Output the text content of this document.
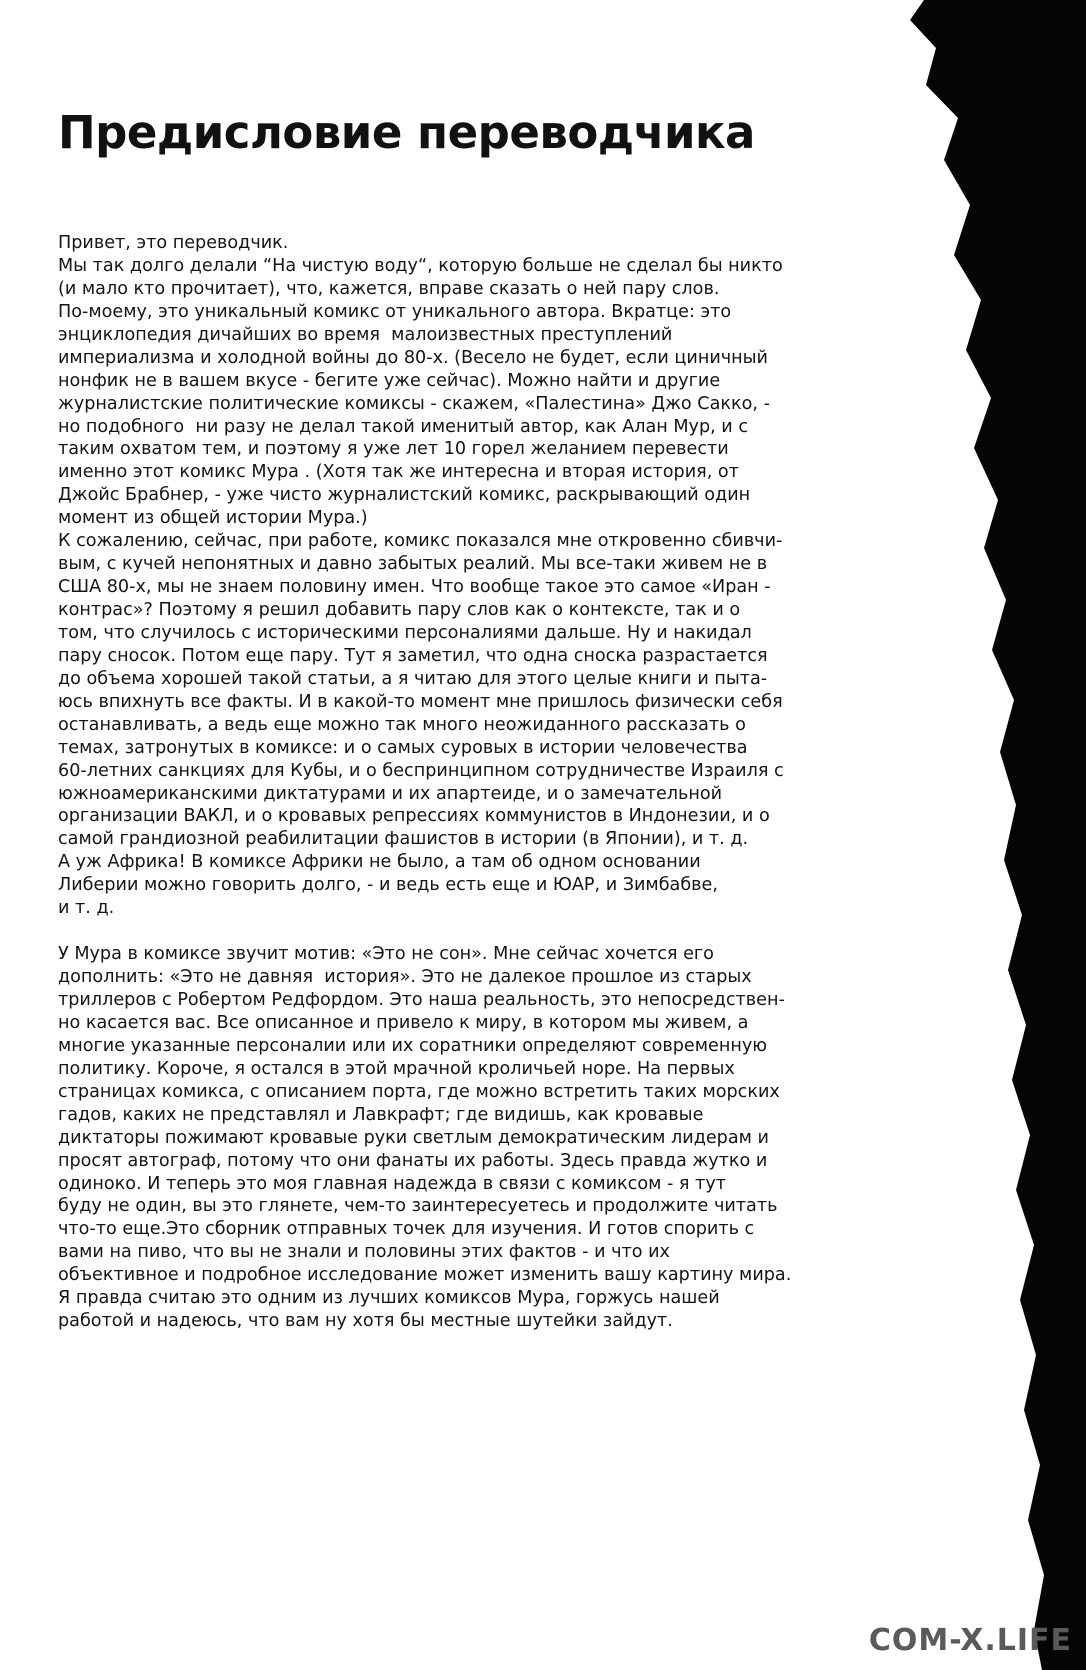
Предисловие переводчика
Привет, это переводчик.
Мы так долго делали “На чистую воду“, которую больше не сделал бы никто
(и мало кто прочитает), что, кажется, вправе сказать о ней пару слов.
По-моему, это уникальный комикс от уникального автора. Вкратце: это
энциклопедия дичайших во время  малоизвестных преступлений
империализма и холодной войны до 80-х. (Весело не будет, если циничный
нонфик не в вашем вкусе - бегите уже сейчас). Можно найти и другие
журналистские политические комиксы - скажем, «Палестина» Джо Сакко, -
но подобного  ни разу не делал такой именитый автор, как Алан Мур, и с
таким охватом тем, и поэтому я уже лет 10 горел желанием перевести
именно этот комикс Мура . (Хотя так же интересна и вторая история, от
Джойс Брабнер, - уже чисто журналистский комикс, раскрывающий один
момент из общей истории Мура.)
К сожалению, сейчас, при работе, комикс показался мне откровенно сбивчи-
вым, с кучей непонятных и давно забытых реалий. Мы все-таки живем не в
США 80-х, мы не знаем половину имен. Что вообще такое это самое «Иран -
контрас»? Поэтому я решил добавить пару слов как о контексте, так и о
том, что случилось с историческими персоналиями дальше. Ну и накидал
пару сносок. Потом еще пару. Тут я заметил, что одна сноска разрастается
до объема хорошей такой статьи, а я читаю для этого целые книги и пыта-
юсь впихнуть все факты. И в какой-то момент мне пришлось физически себя
останавливать, а ведь еще можно так много неожиданного рассказать о
темах, затронутых в комиксе: и о самых суровых в истории человечества
60-летних санкциях для Кубы, и о беспринципном сотрудничестве Израиля с
южноамериканскими диктатурами и их апартеиде, и о замечательной
организации ВАКЛ, и о кровавых репрессиях коммунистов в Индонезии, и о
самой грандиозной реабилитации фашистов в истории (в Японии), и т. д.
А уж Африка! В комиксе Африки не было, а там об одном основании
Либерии можно говорить долго, - и ведь есть еще и ЮАР, и Зимбабве,
и т. д.
У Мура в комиксе звучит мотив: «Это не сон». Мне сейчас хочется его
дополнить: «Это не давняя  история». Это не далекое прошлое из старых
триллеров с Робертом Редфордом. Это наша реальность, это непосредствен-
но касается вас. Все описанное и привело к миру, в котором мы живем, а
многие указанные персоналии или их соратники определяют современную
политику. Короче, я остался в этой мрачной кроличьей норе. На первых
страницах комикса, с описанием порта, где можно встретить таких морских
гадов, каких не представлял и Лавкрафт; где видишь, как кровавые
диктаторы пожимают кровавые руки светлым демократическим лидерам и
просят автограф, потому что они фанаты их работы. Здесь правда жутко и
одиноко. И теперь это моя главная надежда в связи с комиксом - я тут
буду не один, вы это глянете, чем-то заинтересуетесь и продолжите читать
что-то еще.Это сборник отправных точек для изучения. И готов спорить с
вами на пиво, что вы не знали и половины этих фактов - и что их
объективное и подробное исследование может изменить вашу картину мира.
Я правда считаю это одним из лучших комиксов Мура, горжусь нашей
работой и надеюсь, что вам ну хотя бы местные шутейки зайдут.
COM-X.LIFE
